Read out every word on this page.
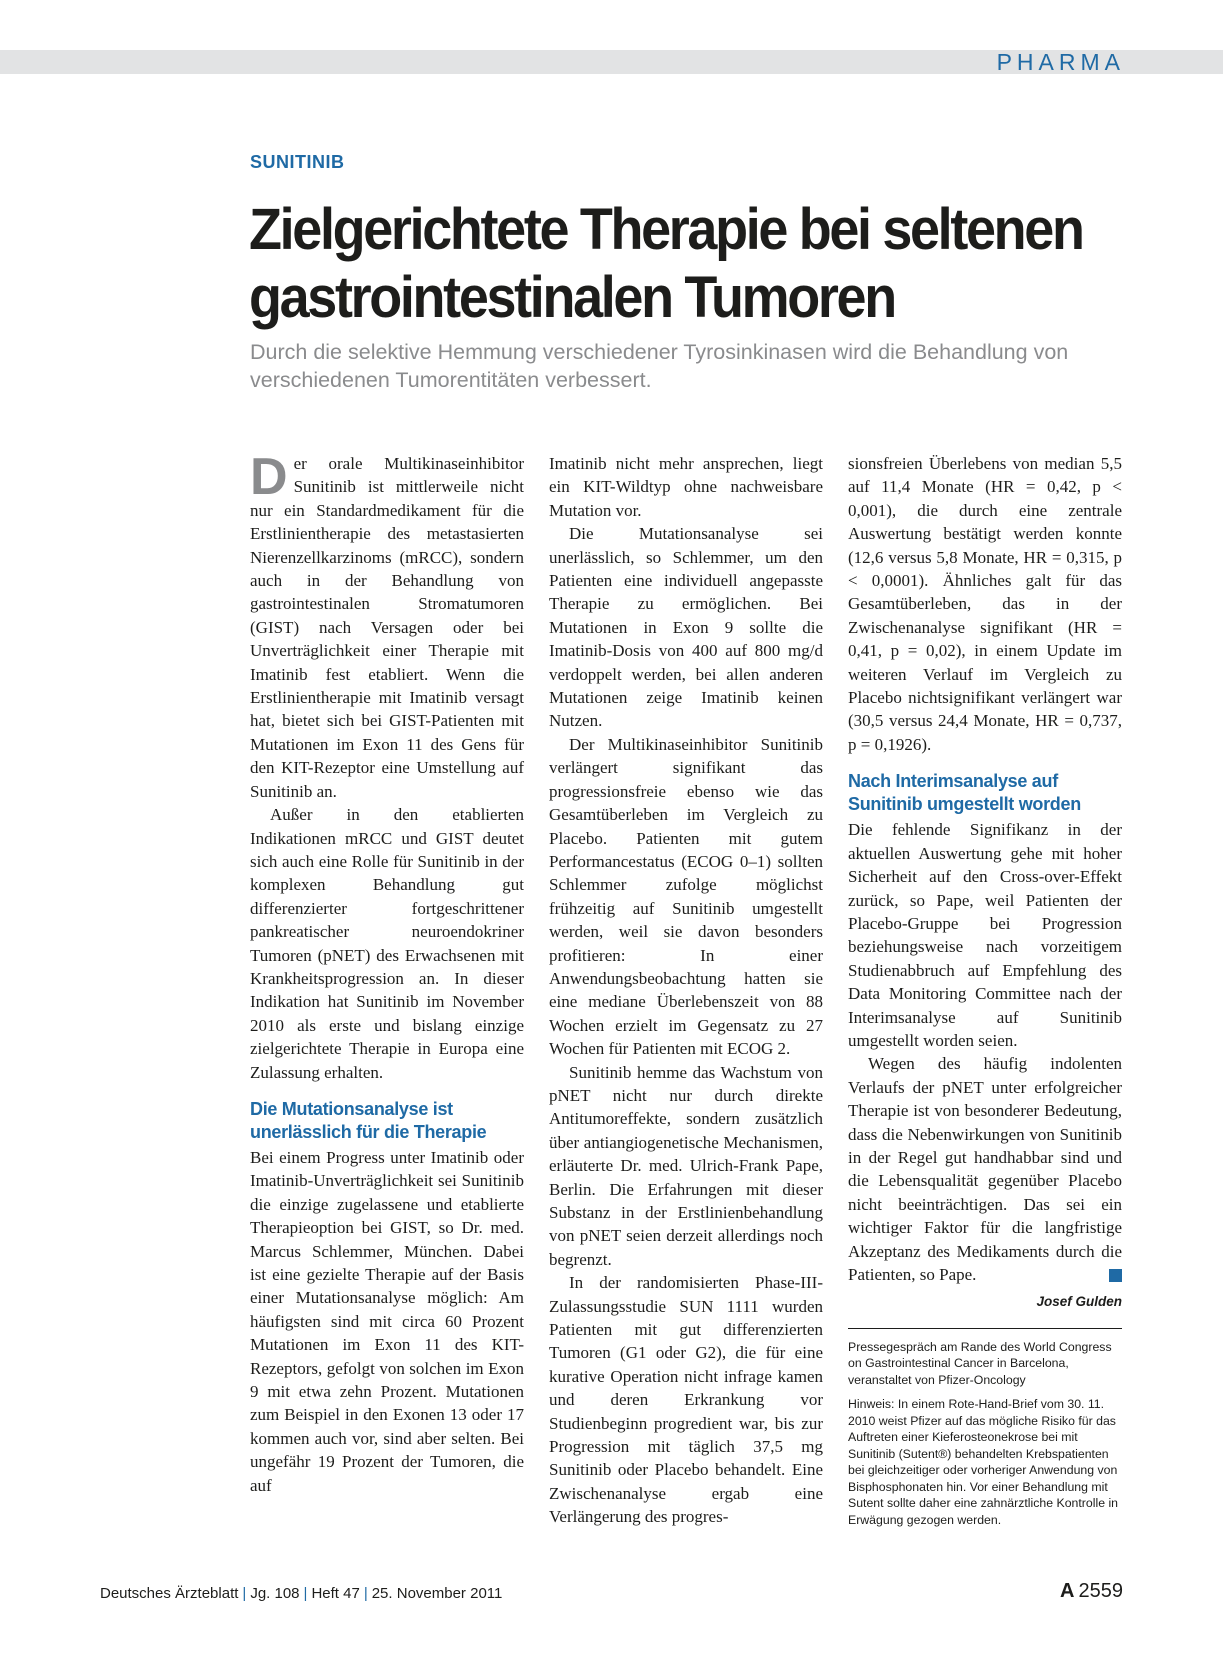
PHARMA
SUNITINIB
Zielgerichtete Therapie bei seltenen gastrointestinalen Tumoren

Durch die selektive Hemmung verschiedener Tyrosinkinasen wird die Behandlung von verschiedenen Tumorentitäten verbessert.

Der orale Multikinaseinhibitor Sunitinib ist mittlerweile nicht nur ein Standardmedikament für die Erstlinientherapie des metastasierten Nierenzellkarzinoms (mRCC), sondern auch in der Behandlung von gastrointestinalen Stromatumoren (GIST) nach Versagen oder bei Unverträglichkeit einer Therapie mit Imatinib fest etabliert. Wenn die Erstlinientherapie mit Imatinib versagt hat, bietet sich bei GIST-Patienten mit Mutationen im Exon 11 des Gens für den KIT-Rezeptor eine Umstellung auf Sunitinib an.

Außer in den etablierten Indikationen mRCC und GIST deutet sich auch eine Rolle für Sunitinib in der komplexen Behandlung gut differenzierter fortgeschrittener pankreatischer neuroendokriner Tumoren (pNET) des Erwachsenen mit Krankheitsprogression an. In dieser Indikation hat Sunitinib im November 2010 als erste und bislang einzige zielgerichtete Therapie in Europa eine Zulassung erhalten.

Die Mutationsanalyse ist unerlässlich für die Therapie

Bei einem Progress unter Imatinib oder Imatinib-Unverträglichkeit sei Sunitinib die einzige zugelassene und etablierte Therapieoption bei GIST, so Dr. med. Marcus Schlemmer, München. Dabei ist eine gezielte Therapie auf der Basis einer Mutationsanalyse möglich: Am häufigsten sind mit circa 60 Prozent Mutationen im Exon 11 des KIT-Rezeptors, gefolgt von solchen im Exon 9 mit etwa zehn Prozent. Mutationen zum Beispiel in den Exonen 13 oder 17 kommen auch vor, sind aber selten. Bei ungefähr 19 Prozent der Tumoren, die auf

Imatinib nicht mehr ansprechen, liegt ein KIT-Wildtyp ohne nachweisbare Mutation vor.

Die Mutationsanalyse sei unerlässlich, so Schlemmer, um den Patienten eine individuell angepasste Therapie zu ermöglichen. Bei Mutationen in Exon 9 sollte die Imatinib-Dosis von 400 auf 800 mg/d verdoppelt werden, bei allen anderen Mutationen zeige Imatinib keinen Nutzen.

Der Multikinaseinhibitor Sunitinib verlängert signifikant das progressionsfreie ebenso wie das Gesamtüberleben im Vergleich zu Placebo. Patienten mit gutem Performancestatus (ECOG 0–1) sollten Schlemmer zufolge möglichst frühzeitig auf Sunitinib umgestellt werden, weil sie davon besonders profitieren: In einer Anwendungsbeobachtung hatten sie eine mediane Überlebenszeit von 88 Wochen erzielt im Gegensatz zu 27 Wochen für Patienten mit ECOG 2.

Sunitinib hemme das Wachstum von pNET nicht nur durch direkte Antitumoreffekte, sondern zusätzlich über antiangiogenetische Mechanismen, erläuterte Dr. med. Ulrich-Frank Pape, Berlin. Die Erfahrungen mit dieser Substanz in der Erstlinienbehandlung von pNET seien derzeit allerdings noch begrenzt.

In der randomisierten Phase-III-Zulassungsstudie SUN 1111 wurden Patienten mit gut differenzierten Tumoren (G1 oder G2), die für eine kurative Operation nicht infrage kamen und deren Erkrankung vor Studienbeginn progredient war, bis zur Progression mit täglich 37,5 mg Sunitinib oder Placebo behandelt. Eine Zwischenanalyse ergab eine Verlängerung des progres-

sionsfreien Überlebens von median 5,5 auf 11,4 Monate (HR = 0,42, p < 0,001), die durch eine zentrale Auswertung bestätigt werden konnte (12,6 versus 5,8 Monate, HR = 0,315, p < 0,0001). Ähnliches galt für das Gesamtüberleben, das in der Zwischenanalyse signifikant (HR = 0,41, p = 0,02), in einem Update im weiteren Verlauf im Vergleich zu Placebo nichtsignifikant verlängert war (30,5 versus 24,4 Monate, HR = 0,737, p = 0,1926).

Nach Interimsanalyse auf Sunitinib umgestellt worden

Die fehlende Signifikanz in der aktuellen Auswertung gehe mit hoher Sicherheit auf den Cross-over-Effekt zurück, so Pape, weil Patienten der Placebo-Gruppe bei Progression beziehungsweise nach vorzeitigem Studienabbruch auf Empfehlung des Data Monitoring Committee nach der Interimsanalyse auf Sunitinib umgestellt worden seien.

Wegen des häufig indolenten Verlaufs der pNET unter erfolgreicher Therapie ist von besonderer Bedeutung, dass die Nebenwirkungen von Sunitinib in der Regel gut handhabbar sind und die Lebensqualität gegenüber Placebo nicht beeinträchtigen. Das sei ein wichtiger Faktor für die langfristige Akzeptanz des Medikaments durch die Patienten, so Pape.

Josef Gulden

Pressegespräch am Rande des World Congress on Gastrointestinal Cancer in Barcelona, veranstaltet von Pfizer-Oncology

Hinweis: In einem Rote-Hand-Brief vom 30. 11. 2010 weist Pfizer auf das mögliche Risiko für das Auftreten einer Kieferosteonekrose bei mit Sunitinib (Sutent®) behandelten Krebspatienten bei gleichzeitiger oder vorheriger Anwendung von Bisphosphonaten hin. Vor einer Behandlung mit Sutent sollte daher eine zahnärztliche Kontrolle in Erwägung gezogen werden.

Deutsches Ärzteblatt | Jg. 108 | Heft 47 | 25. November 2011	A 2559
